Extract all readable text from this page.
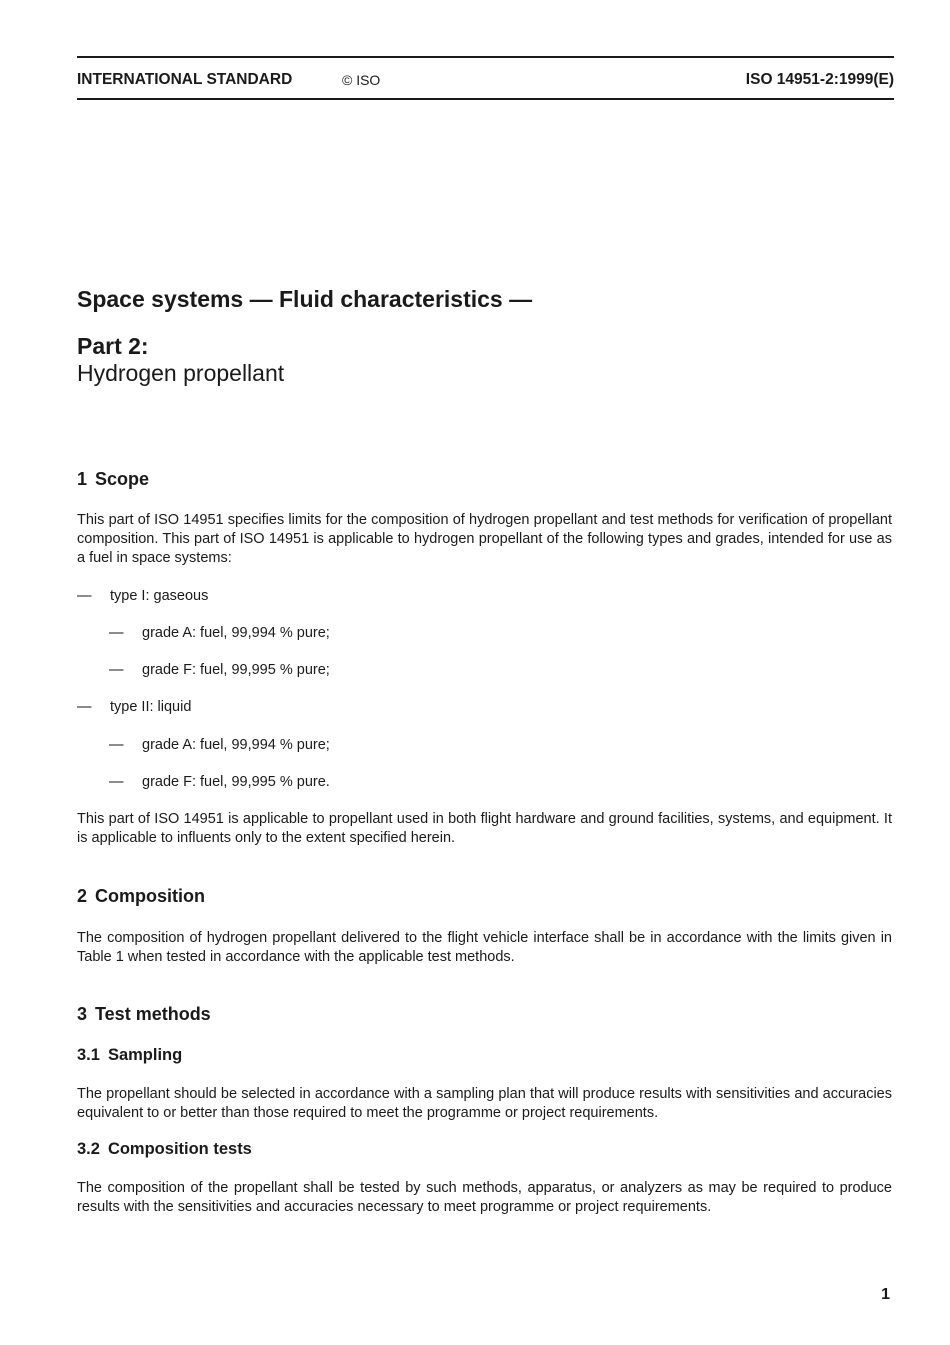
INTERNATIONAL STANDARD	© ISO	ISO 14951-2:1999(E)
Space systems — Fluid characteristics —
Part 2:
Hydrogen propellant
1 Scope

This part of ISO 14951 specifies limits for the composition of hydrogen propellant and test methods for verification of propellant composition. This part of ISO 14951 is applicable to hydrogen propellant of the following types and grades, intended for use as a fuel in space systems:

— type I: gaseous
— grade A: fuel, 99,994 % pure;
— grade F: fuel, 99,995 % pure;
— type II: liquid
— grade A: fuel, 99,994 % pure;
— grade F: fuel, 99,995 % pure.

This part of ISO 14951 is applicable to propellant used in both flight hardware and ground facilities, systems, and equipment. It is applicable to influents only to the extent specified herein.

2 Composition

The composition of hydrogen propellant delivered to the flight vehicle interface shall be in accordance with the limits given in Table 1 when tested in accordance with the applicable test methods.

3 Test methods
3.1 Sampling

The propellant should be selected in accordance with a sampling plan that will produce results with sensitivities and accuracies equivalent to or better than those required to meet the programme or project requirements.

3.2 Composition tests

The composition of the propellant shall be tested by such methods, apparatus, or analyzers as may be required to produce results with the sensitivities and accuracies necessary to meet programme or project requirements.

1
